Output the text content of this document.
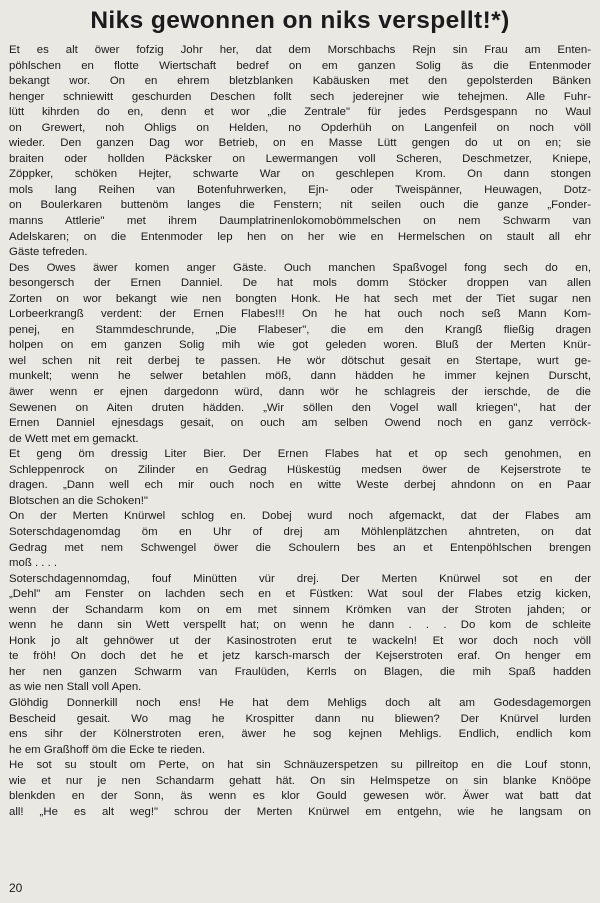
Niks gewonnen on niks verspellt!*)
Et es alt öwer fofzig Johr her, dat dem Morschbachs Rejn sin Frau am Enten-
pöhlschen en flotte Wiertschaft bedref on em ganzen Solig äs die Entenmoder
bekangt wor. On en ehrem bletzblanken Kabäusken met den gepolsterden Bänken
henger schniewitt geschurden Deschen follt sech jederejner wie tehejmen. Alle Fuhr-
lütt kihrden do en, denn et wor „die Zentrale" für jedes Perdsgespann no Waul
on Grewert, noh Ohligs on Helden, no Opderhüh on Langenfeil on noch völl
wieder. Den ganzen Dag wor Betrieb, on en Masse Lütt gengen do ut on en; sie
braiten oder hollden Päcksker on Lewermangen voll Scheren, Deschmetzer, Kniepe,
Zöppker, schöken Hejter, schwarte War on geschlepen Krom. On dann stongen
mols lang Reihen van Botenfuhrwerken, Ejn- oder Tweispänner, Heuwagen, Dotz-
on Boulerkaren buttenöm langes die Fenstern; nit seilen ouch die ganze „Fonder-
manns Attlerie" met ihrem Daumplatrinenlokomobömmelschen on nem Schwarm van
Adelskaren; on die Entenmoder lep hen on her wie en Hermelschen on stault all ehr
Gäste tefreden.
Des Owes äwer komen anger Gäste. Ouch manchen Spaßvogel fong sech do en,
besongersch der Ernen Danniel. De hat mols domm Stöcker droppen van allen
Zorten on wor bekangt wie nen bongten Honk. He hat sech met der Tiet sugar nen
Lorbeerkrangß verdent: der Ernen Flabes!!! On he hat ouch noch seß Mann Kom-
penej, en Stammdeschrunde, „Die Flabeser", die em den Krangß fließig dragen
holpen on em ganzen Solig mih wie got geleden woren. Bluß der Merten Knür-
wel schen nit reit derbej te passen. He wör dötschut gesait en Stertape, wurt ge-
munkelt; wenn he selwer betahlen möß, dann hädden he immer kejnen Durscht,
äwer wenn er ejnen dargedonn würd, dann wör he schlagreis der ierschde, de die
Sewenen on Aiten druten hädden. „Wir söllen den Vogel wall kriegen", hat der
Ernen Danniel ejnesdags gesait, on ouch am selben Owend noch en ganz verröck-
de Wett met em gemackt.
Et geng öm dressig Liter Bier. Der Ernen Flabes hat et op sech genohmen, en
Schleppenrock on Zilinder en Gedrag Hüskestüg medsen öwer de Kejserstrote te
dragen. „Dann well ech mir ouch noch en witte Weste derbej ahndonn on en Paar
Blotschen an die Schoken!"
On der Merten Knürwel schlog en. Dobej wurd noch afgemackt, dat der Flabes am
Soterschdagenomdag öm en Uhr of drej am Möhlenplätzchen ahntreten, on dat
Gedrag met nem Schwengel öwer die Schoulern bes an et Entenpöhlschen brengen
moß . . . .
Soterschdagennomdag, fouf Minütten vür drej. Der Merten Knürwel sot en der
„Dehl" am Fenster on lachden sech en et Füstken: Wat soul der Flabes etzig kicken,
wenn der Schandarm kom on em met sinnem Krömken van der Stroten jahden; or
wenn he dann sin Wett verspellt hat; on wenn he dann . . . Do kom de schleite
Honk jo alt gehnöwer ut der Kasinostroten erut te wackeln! Et wor doch noch völl
te fröh! On doch det he et jetz karsch-marsch der Kejserstroten eraf. On henger em
her nen ganzen Schwarm van Fraulüden, Kerrls on Blagen, die mih Spaß hadden
as wie nen Stall voll Apen.
Glöhdig Donnerkill noch ens! He hat dem Mehligs doch alt am Godesdagemorgen
Bescheid gesait. Wo mag he Krospitter dann nu bliewen? Der Knürvel lurden
ens sihr der Kölnerstroten eren, äwer he sog kejnen Mehligs. Endlich, endlich kom
he em Graßhoff öm die Ecke te rieden.
He sot su stoult om Perte, on hat sin Schnäuzerspetzen su pillreitop en die Louf stonn,
wie et nur je nen Schandarm gehatt hät. On sin Helmspetze on sin blanke Knööpe
blenkden en der Sonn, äs wenn es klor Gould gewesen wör. Äwer wat batt dat
all! „He es alt weg!" schrou der Merten Knürwel em entgehn, wie he langsam on
20
